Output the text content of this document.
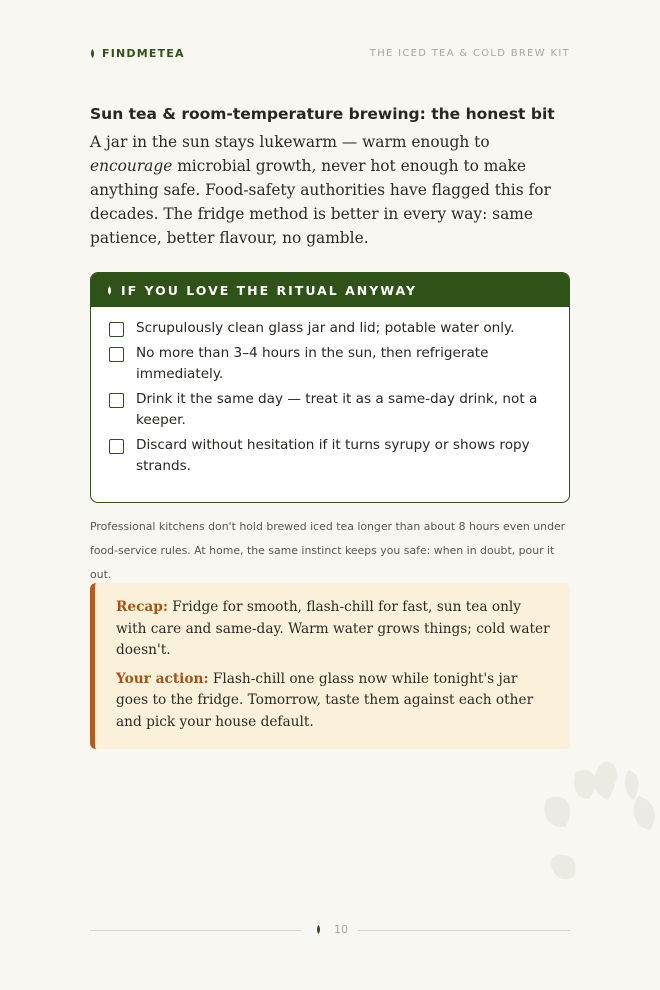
FINDMETEA	THE ICED TEA & COLD BREW KIT
Sun tea & room-temperature brewing: the honest bit

A jar in the sun stays lukewarm — warm enough to encourage microbial growth, never hot enough to make anything safe. Food-safety authorities have flagged this for decades. The fridge method is better in every way: same patience, better flavour, no gamble.

IF YOU LOVE THE RITUAL ANYWAY
Scrupulously clean glass jar and lid; potable water only.
No more than 3–4 hours in the sun, then refrigerate immediately.
Drink it the same day — treat it as a same-day drink, not a keeper.
Discard without hesitation if it turns syrupy or shows ropy strands.

Professional kitchens don't hold brewed iced tea longer than about 8 hours even under food-service rules. At home, the same instinct keeps you safe: when in doubt, pour it out.

Recap: Fridge for smooth, flash-chill for fast, sun tea only with care and same-day. Warm water grows things; cold water doesn't.

Your action: Flash-chill one glass now while tonight's jar goes to the fridge. Tomorrow, taste them against each other and pick your house default.

10
